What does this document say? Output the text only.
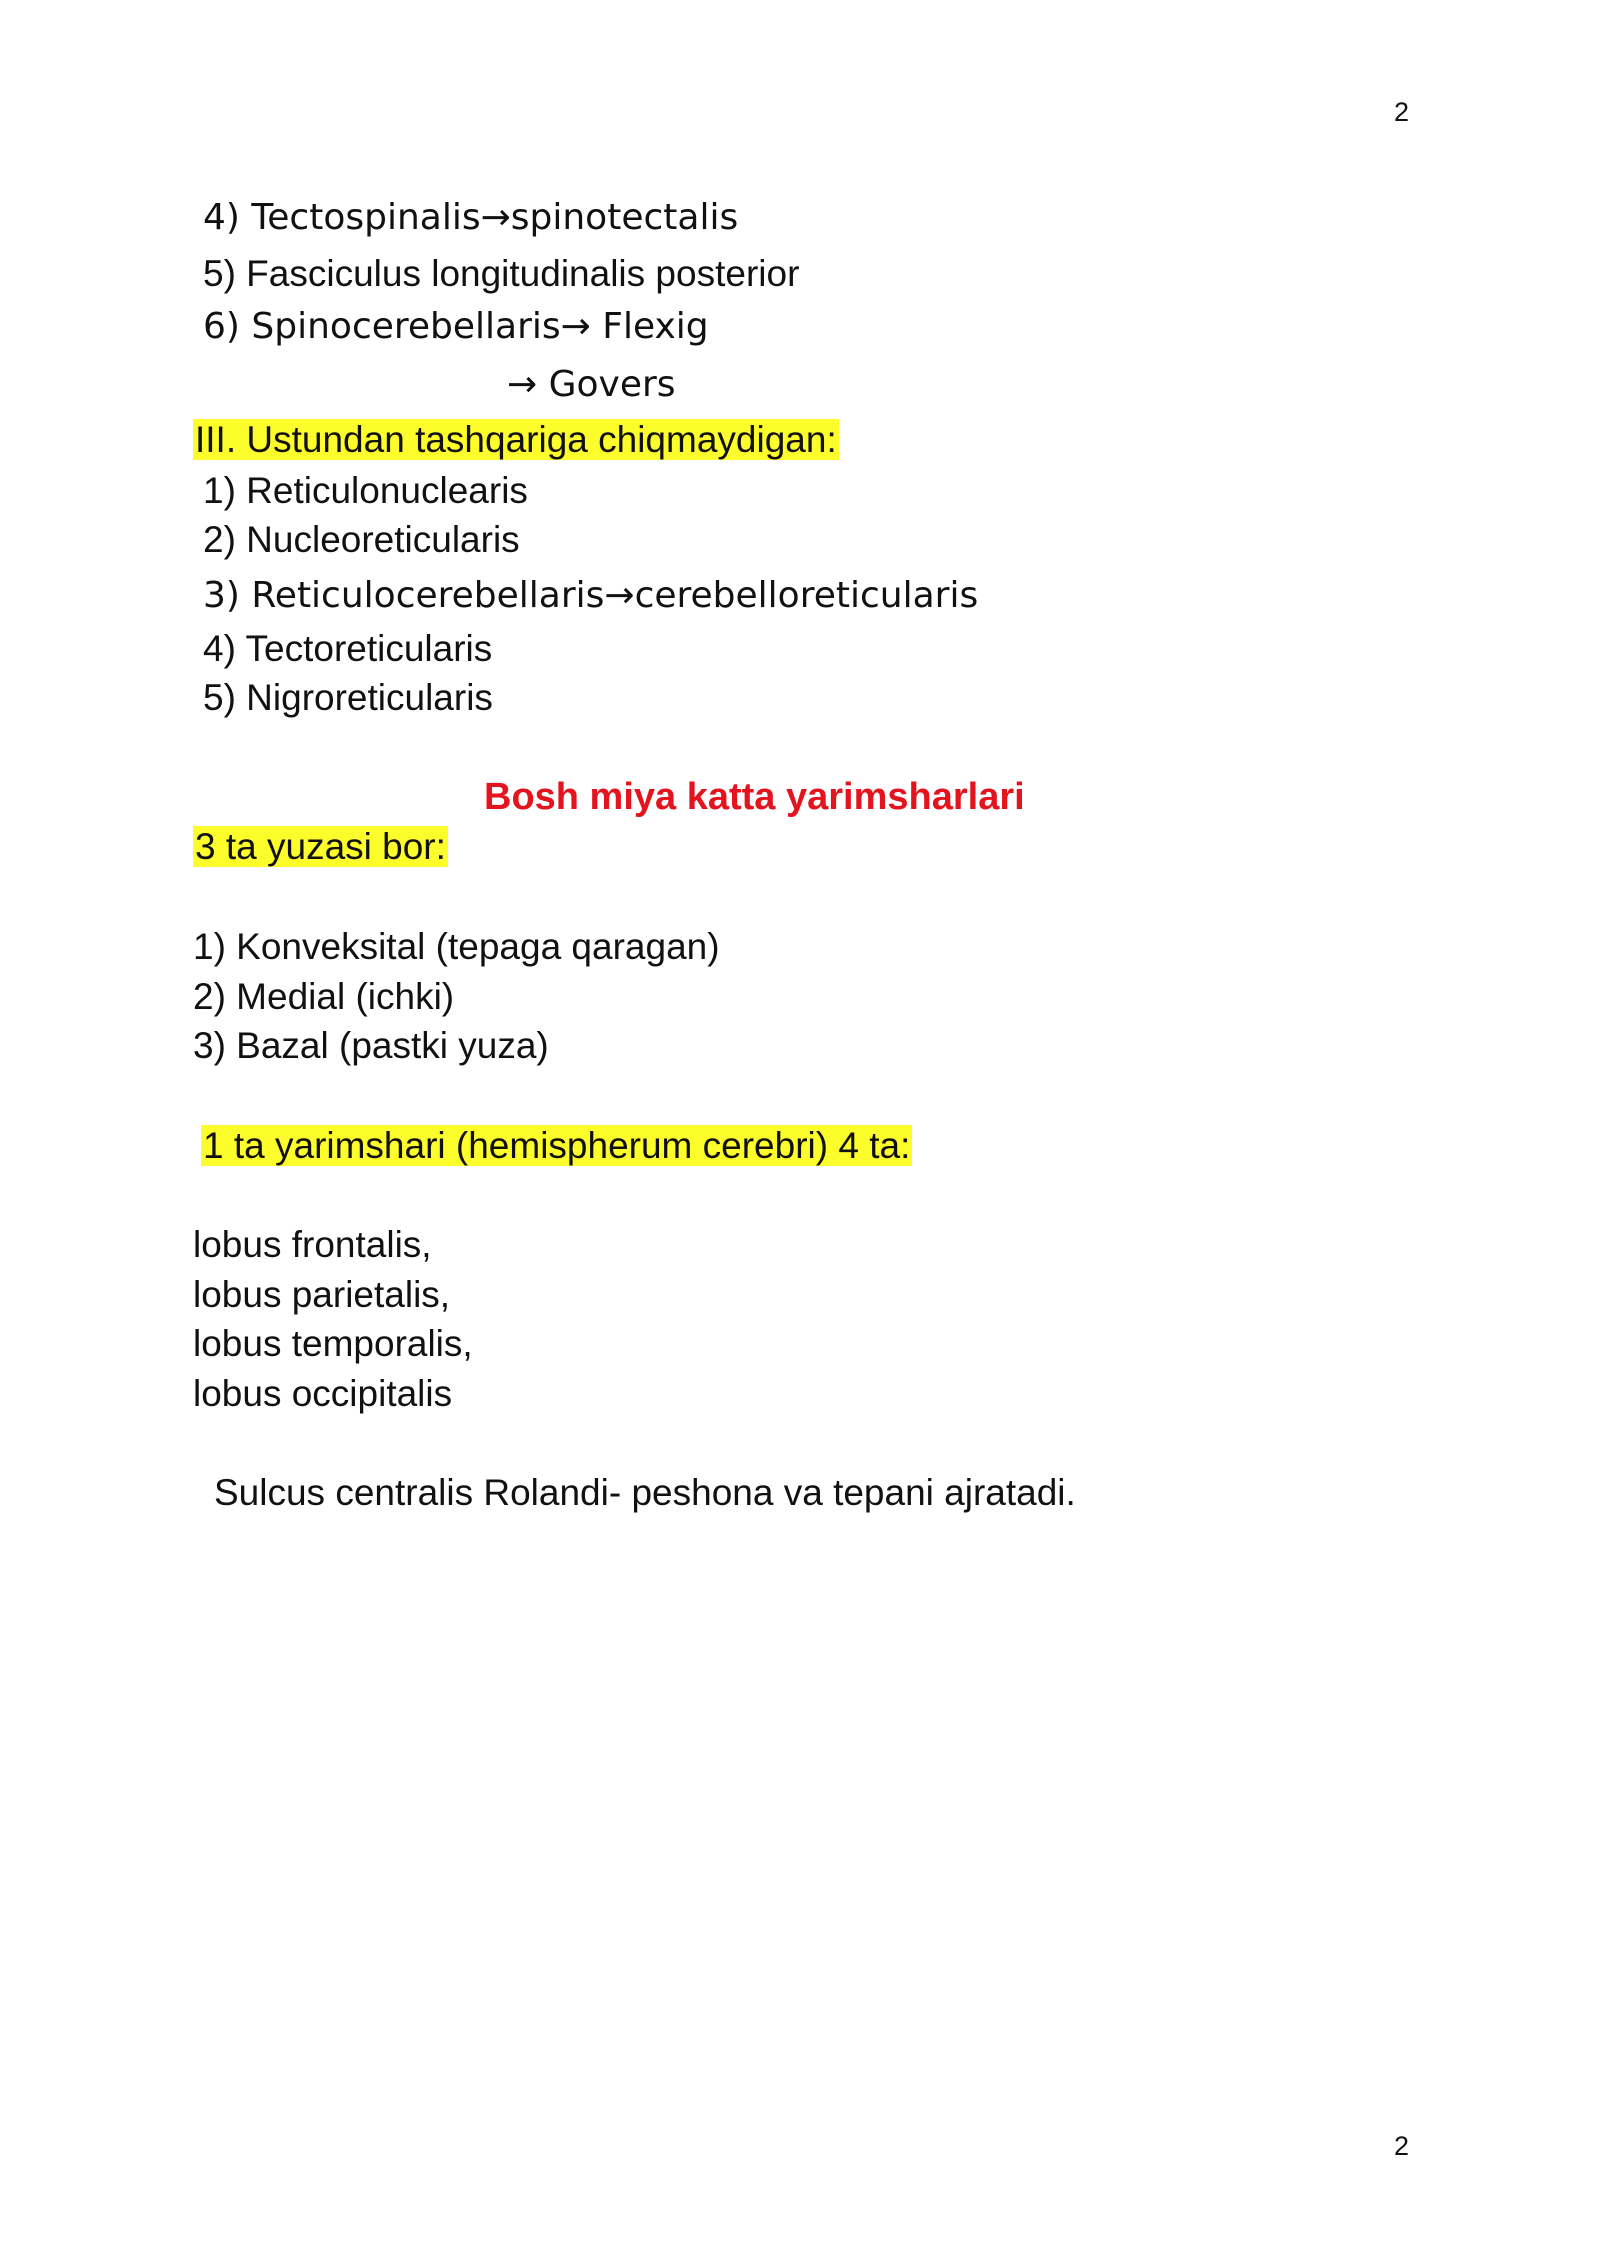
2
4) Tectospinalis→spinotectalis
5) Fasciculus longitudinalis posterior
6) Spinocerebellaris→ Flexig
→ Govers
III. Ustundan tashqariga chiqmaydigan:
1) Reticulonuclearis
2) Nucleoreticularis
3) Reticulocerebellaris→cerebelloreticularis
4) Tectoreticularis
5) Nigroreticularis
Bosh miya katta yarimsharlari
3 ta yuzasi bor:
1) Konveksital (tepaga qaragan)
2) Medial (ichki)
3) Bazal (pastki yuza)
1 ta yarimshari (hemispherum cerebri) 4 ta:
lobus frontalis,
lobus parietalis,
lobus temporalis,
lobus occipitalis
Sulcus centralis Rolandi- peshona va tepani ajratadi.
2
